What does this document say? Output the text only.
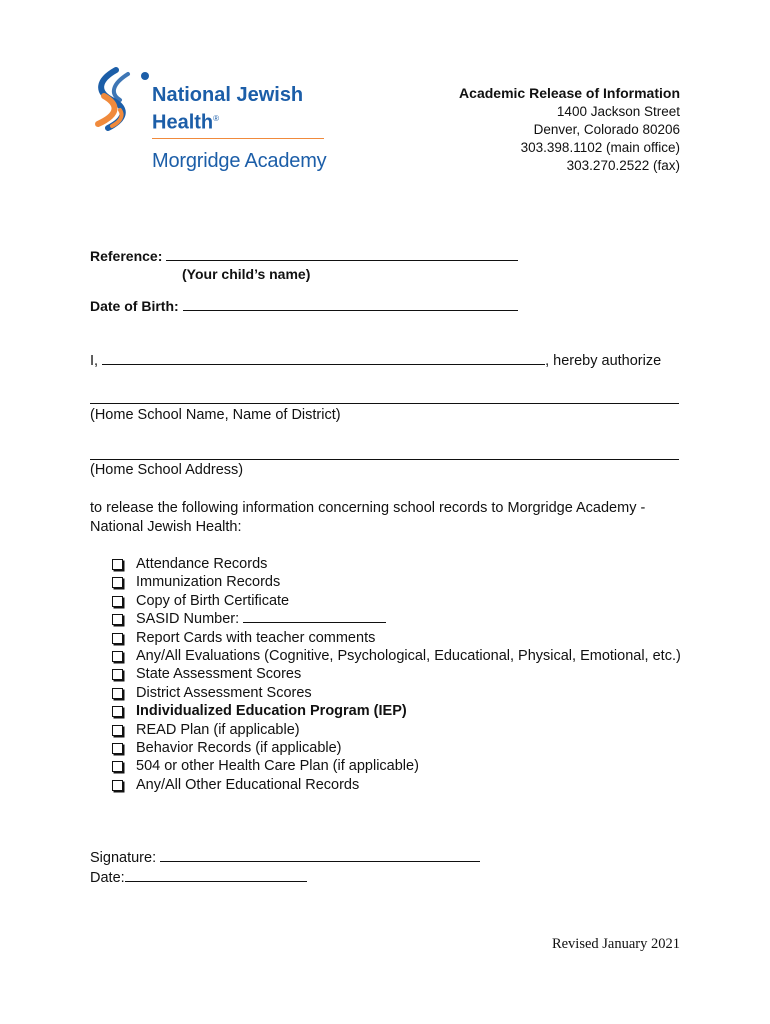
National Jewish
Health®
Morgridge Academy
Academic Release of Information
1400 Jackson Street
Denver, Colorado 80206
303.398.1102 (main office)
303.270.2522 (fax)
Reference:
(Your child’s name)
Date of Birth:
I,	, hereby authorize
(Home School Name, Name of District)
(Home School Address)
to release the following information concerning school records to Morgridge Academy - National Jewish Health:
Attendance Records
Immunization Records
Copy of Birth Certificate
SASID Number:
Report Cards with teacher comments
Any/All Evaluations (Cognitive, Psychological, Educational, Physical, Emotional, etc.)
State Assessment Scores
District Assessment Scores
Individualized Education Program (IEP)
READ Plan (if applicable)
Behavior Records (if applicable)
504 or other Health Care Plan (if applicable)
Any/All Other Educational Records
Signature:
Date:
Revised January 2021
